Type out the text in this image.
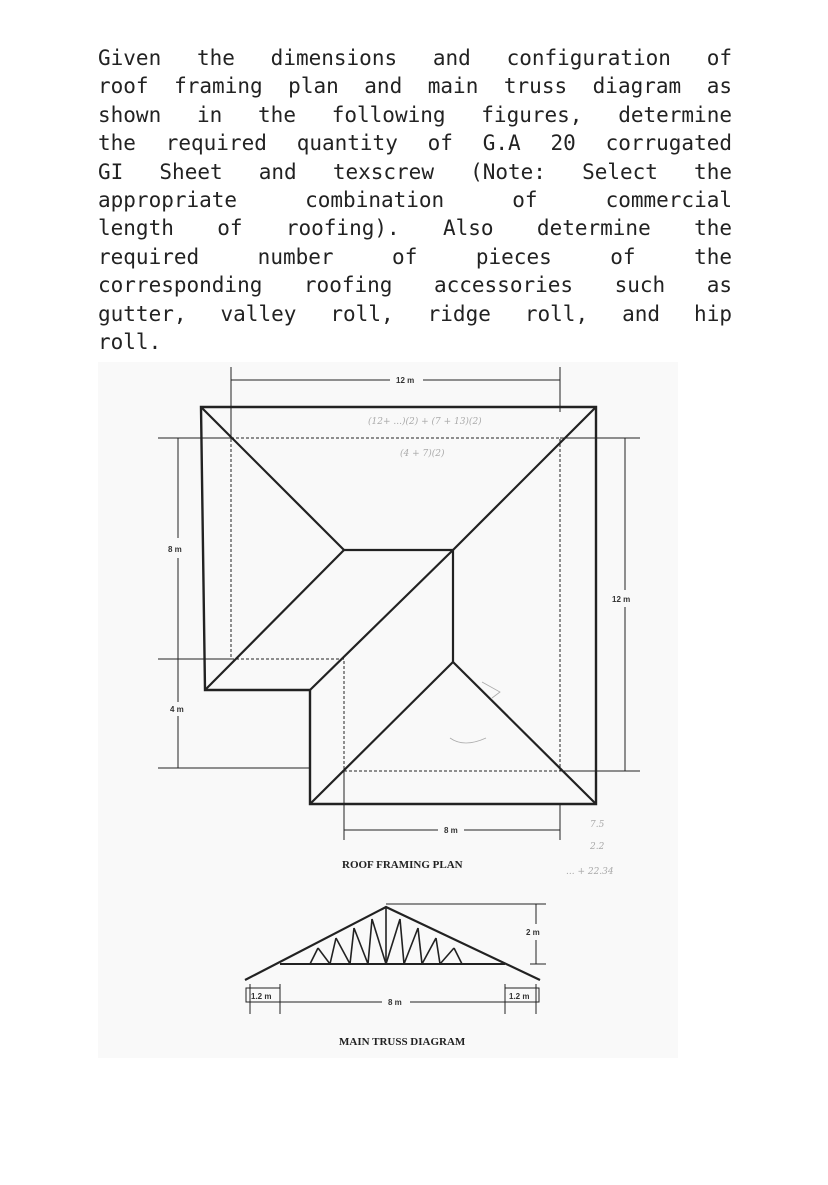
Given the dimensions and configuration of
roof framing plan and main truss diagram as
shown in the following figures, determine
the required quantity of G.A 20 corrugated
GI Sheet and texscrew (Note: Select the
appropriate combination of commercial
length of roofing). Also determine the
required number of pieces of the
corresponding roofing accessories such as
gutter, valley roll, ridge roll, and hip
roll.
(12+ ...)(2) + (7 + 13)(2)
(4 + 7)(2)
7.5
2.2
... + 22.34
12 m
8 m
4 m
12 m
8 m
ROOF FRAMING PLAN
2 m
8 m
1.2 m	1.2 m
MAIN TRUSS DIAGRAM
